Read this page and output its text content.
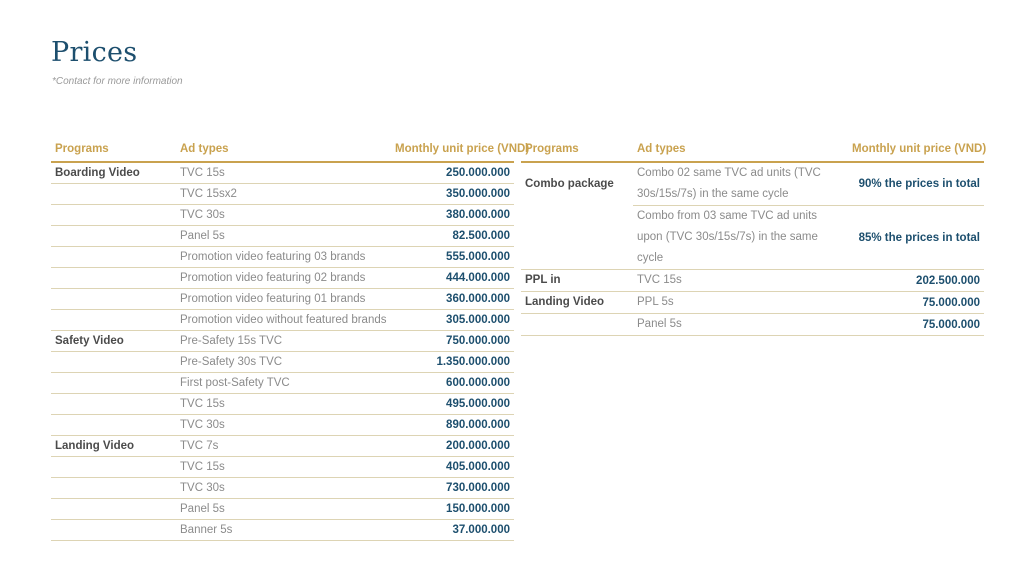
Prices
*Contact for more information
Programs	Ad types	Monthly unit price (VND)
Boarding Video	TVC 15s	250.000.000
	TVC 15sx2	350.000.000
	TVC 30s	380.000.000
	Panel 5s	82.500.000
	Promotion video featuring 03 brands	555.000.000
	Promotion video featuring 02 brands	444.000.000
	Promotion video featuring 01 brands	360.000.000
	Promotion video without featured brands	305.000.000
Safety Video	Pre-Safety 15s TVC	750.000.000
	Pre-Safety 30s TVC	1.350.000.000
	First post-Safety TVC	600.000.000
	TVC 15s	495.000.000
	TVC 30s	890.000.000
Landing Video	TVC 7s	200.000.000
	TVC 15s	405.000.000
	TVC 30s	730.000.000
	Panel 5s	150.000.000
	Banner 5s	37.000.000
Programs	Ad types	Monthly unit price (VND)
Combo package	Combo 02 same TVC ad units (TVC 30s/15s/7s) in the same cycle	90% the prices in total
	Combo from 03 same TVC ad units upon (TVC 30s/15s/7s) in the same cycle	85% the prices in total
PPL in	TVC 15s	202.500.000
Landing Video	PPL 5s	75.000.000
	Panel 5s	75.000.000
